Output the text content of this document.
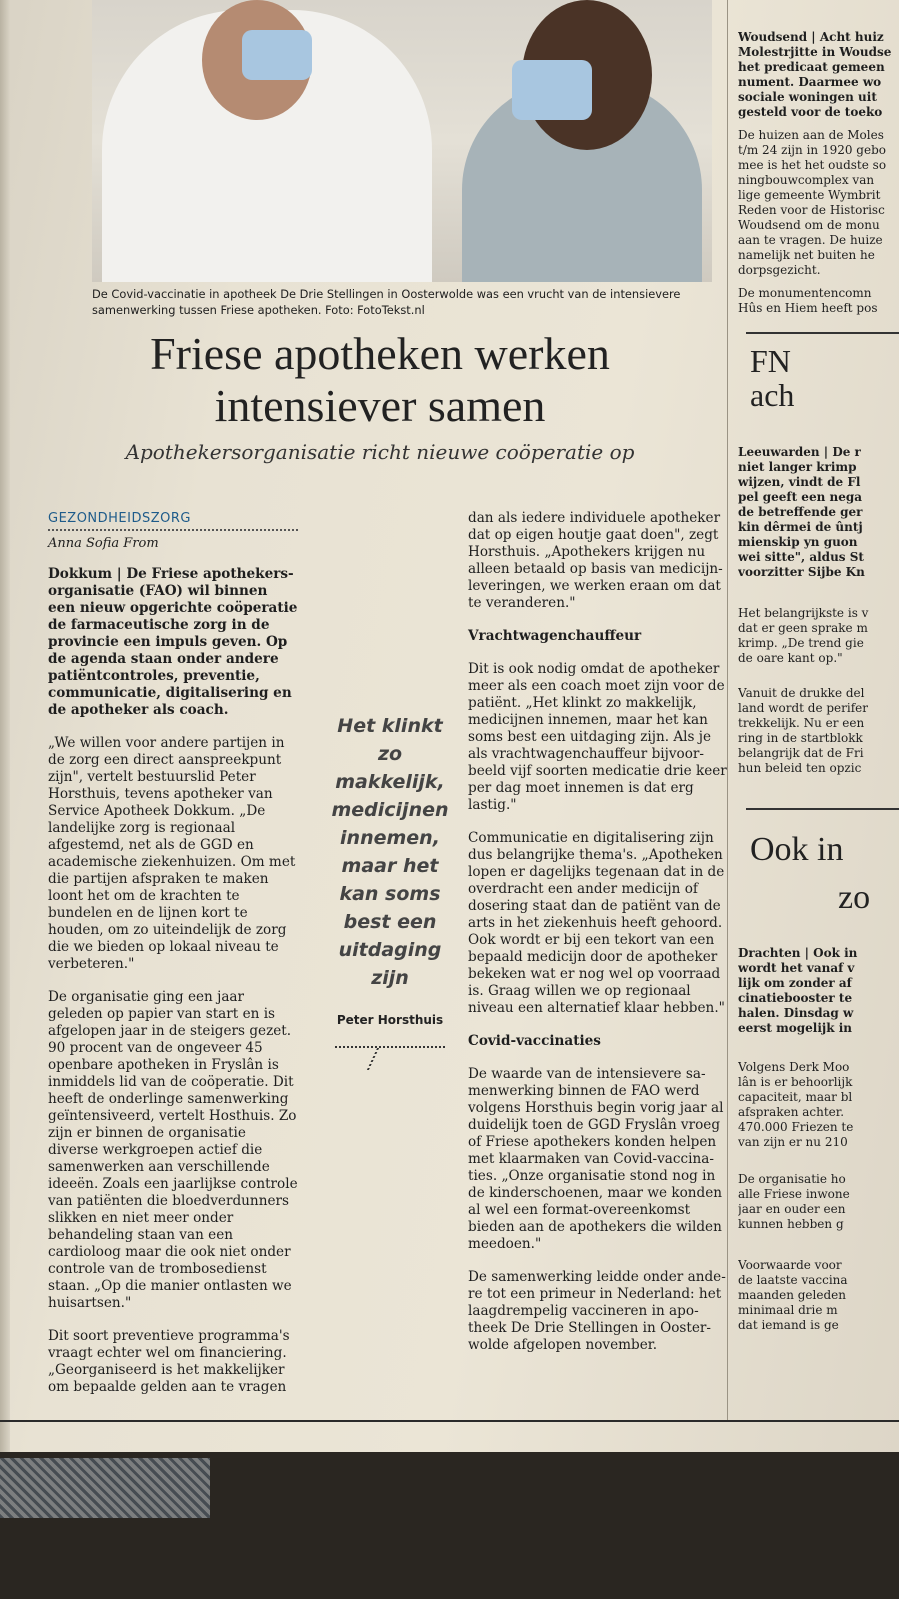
De Covid-vaccinatie in apotheek De Drie Stellingen in Oosterwolde was een vrucht van de intensievere samenwerking tussen Friese apotheken. Foto: FotoTekst.nl
Friese apotheken werken
intensiever samen
Apothekersorganisatie richt nieuwe coöperatie op
GEZONDHEIDSZORG
Anna Sofia From

Dokkum | De Friese apothekersorganisatie (FAO) wil binnen een nieuw opgerichte coöperatie de farmaceutische zorg in de provincie een impuls geven. Op de agenda staan onder andere patiëntcontroles, preventie, communicatie, digitalisering en de apotheker als coach.

„We willen voor andere partijen in de zorg een direct aanspreekpunt zijn", vertelt bestuurslid Peter Horsthuis, tevens apotheker van Service Apotheek Dokkum. „De landelijke zorg is regionaal afgestemd, net als de GGD en academische ziekenhuizen. Om met die partijen afspraken te maken loont het om de krachten te bundelen en de lijnen kort te houden, om zo uiteindelijk de zorg die we bieden op lokaal niveau te verbeteren."

De organisatie ging een jaar geleden op papier van start en is afgelopen jaar in de steigers gezet. 90 procent van de ongeveer 45 openbare apotheken in Fryslân is inmiddels lid van de coöperatie. Dit heeft de onderlinge samenwerking geïntensiveerd, vertelt Hosthuis. Zo zijn er binnen de organisatie diverse werkgroepen actief die samenwerken aan verschillende ideeën. Zoals een jaarlijkse controle van patiënten die bloedverdunners slikken en niet meer onder behandeling staan van een cardioloog maar die ook niet onder controle van de trombosedienst staan. „Op die manier ontlasten we huisartsen."

Dit soort preventieve programma's vraagt echter wel om financiering. „Georganiseerd is het makkelijker om bepaalde gelden aan te vragen

Het klinkt zo makkelijk, medicijnen innemen, maar het kan soms best een uitdaging zijn
Peter Horsthuis

dan als iedere individuele apotheker dat op eigen houtje gaat doen", zegt Horsthuis. „Apothekers krijgen nu alleen betaald op basis van medicijnleveringen, we werken eraan om dat te veranderen."

Vrachtwagenchauffeur

Dit is ook nodig omdat de apotheker meer als een coach moet zijn voor de patiënt. „Het klinkt zo makkelijk, medicijnen innemen, maar het kan soms best een uitdaging zijn. Als je als vrachtwagenchauffeur bijvoorbeeld vijf soorten medicatie drie keer per dag moet innemen is dat erg lastig."

Communicatie en digitalisering zijn dus belangrijke thema's. „Apotheken lopen er dagelijks tegenaan dat in de overdracht een ander medicijn of dosering staat dan de patiënt van de arts in het ziekenhuis heeft gehoord. Ook wordt er bij een tekort van een bepaald medicijn door de apotheker bekeken wat er nog wel op voorraad is. Graag willen we op regionaal niveau een alternatief klaar hebben."

Covid-vaccinaties

De waarde van de intensievere samenwerking binnen de FAO werd volgens Horsthuis begin vorig jaar al duidelijk toen de GGD Fryslân vroeg of Friese apothekers konden helpen met klaarmaken van Covid-vaccinaties. „Onze organisatie stond nog in de kinderschoenen, maar we konden al wel een format-overeenkomst bieden aan de apothekers die wilden meedoen."

De samenwerking leidde onder andere tot een primeur in Nederland: het laagdrempelig vaccineren in apotheek De Drie Stellingen in Oosterwolde afgelopen november.

Woudsend | Acht huiz
Molestrjitte in Woudse
het predicaat gemeen
nument. Daarmee wo
sociale woningen uit
gesteld voor de toeko
De huizen aan de Moles
t/m 24 zijn in 1920 gebo
mee is het het oudste so
ningbouwcomplex van
lige gemeente Wymbrit
Reden voor de Historisc
Woudsend om de monu
aan te vragen. De huize
namelijk net buiten he
dorpsgezicht.
De monumentencomn
Hûs en Hiem heeft pos
FN
ach
Leeuwarden | De r
niet langer krimp
wijzen, vindt de Fl
pel geeft een nega
de betreffende ger
kin dêrmei de ûntj
mienskip yn guon
wei sitte", aldus St
voorzitter Sijbe Kn
Het belangrijkste is v
dat er geen sprake m
krimp. „De trend gie
de oare kant op."
Vanuit de drukke del
land wordt de perifer
trekkelijk. Nu er een
ring in de startblokk
belangrijk dat de Fri
hun beleid ten opzic
Ook in
zo
Drachten | Ook in
wordt het vanaf v
lijk om zonder af
cinatiebooster te
halen. Dinsdag w
eerst mogelijk in
Volgens Derk Moo
lân is er behoorlijk
capaciteit, maar bl
afspraken achter.
470.000 Friezen te
van zijn er nu 210
De organisatie ho
alle Friese inwone
jaar en ouder een
kunnen hebben g
Voorwaarde voor
de laatste vaccina
maanden geleden
minimaal drie m
dat iemand is ge
